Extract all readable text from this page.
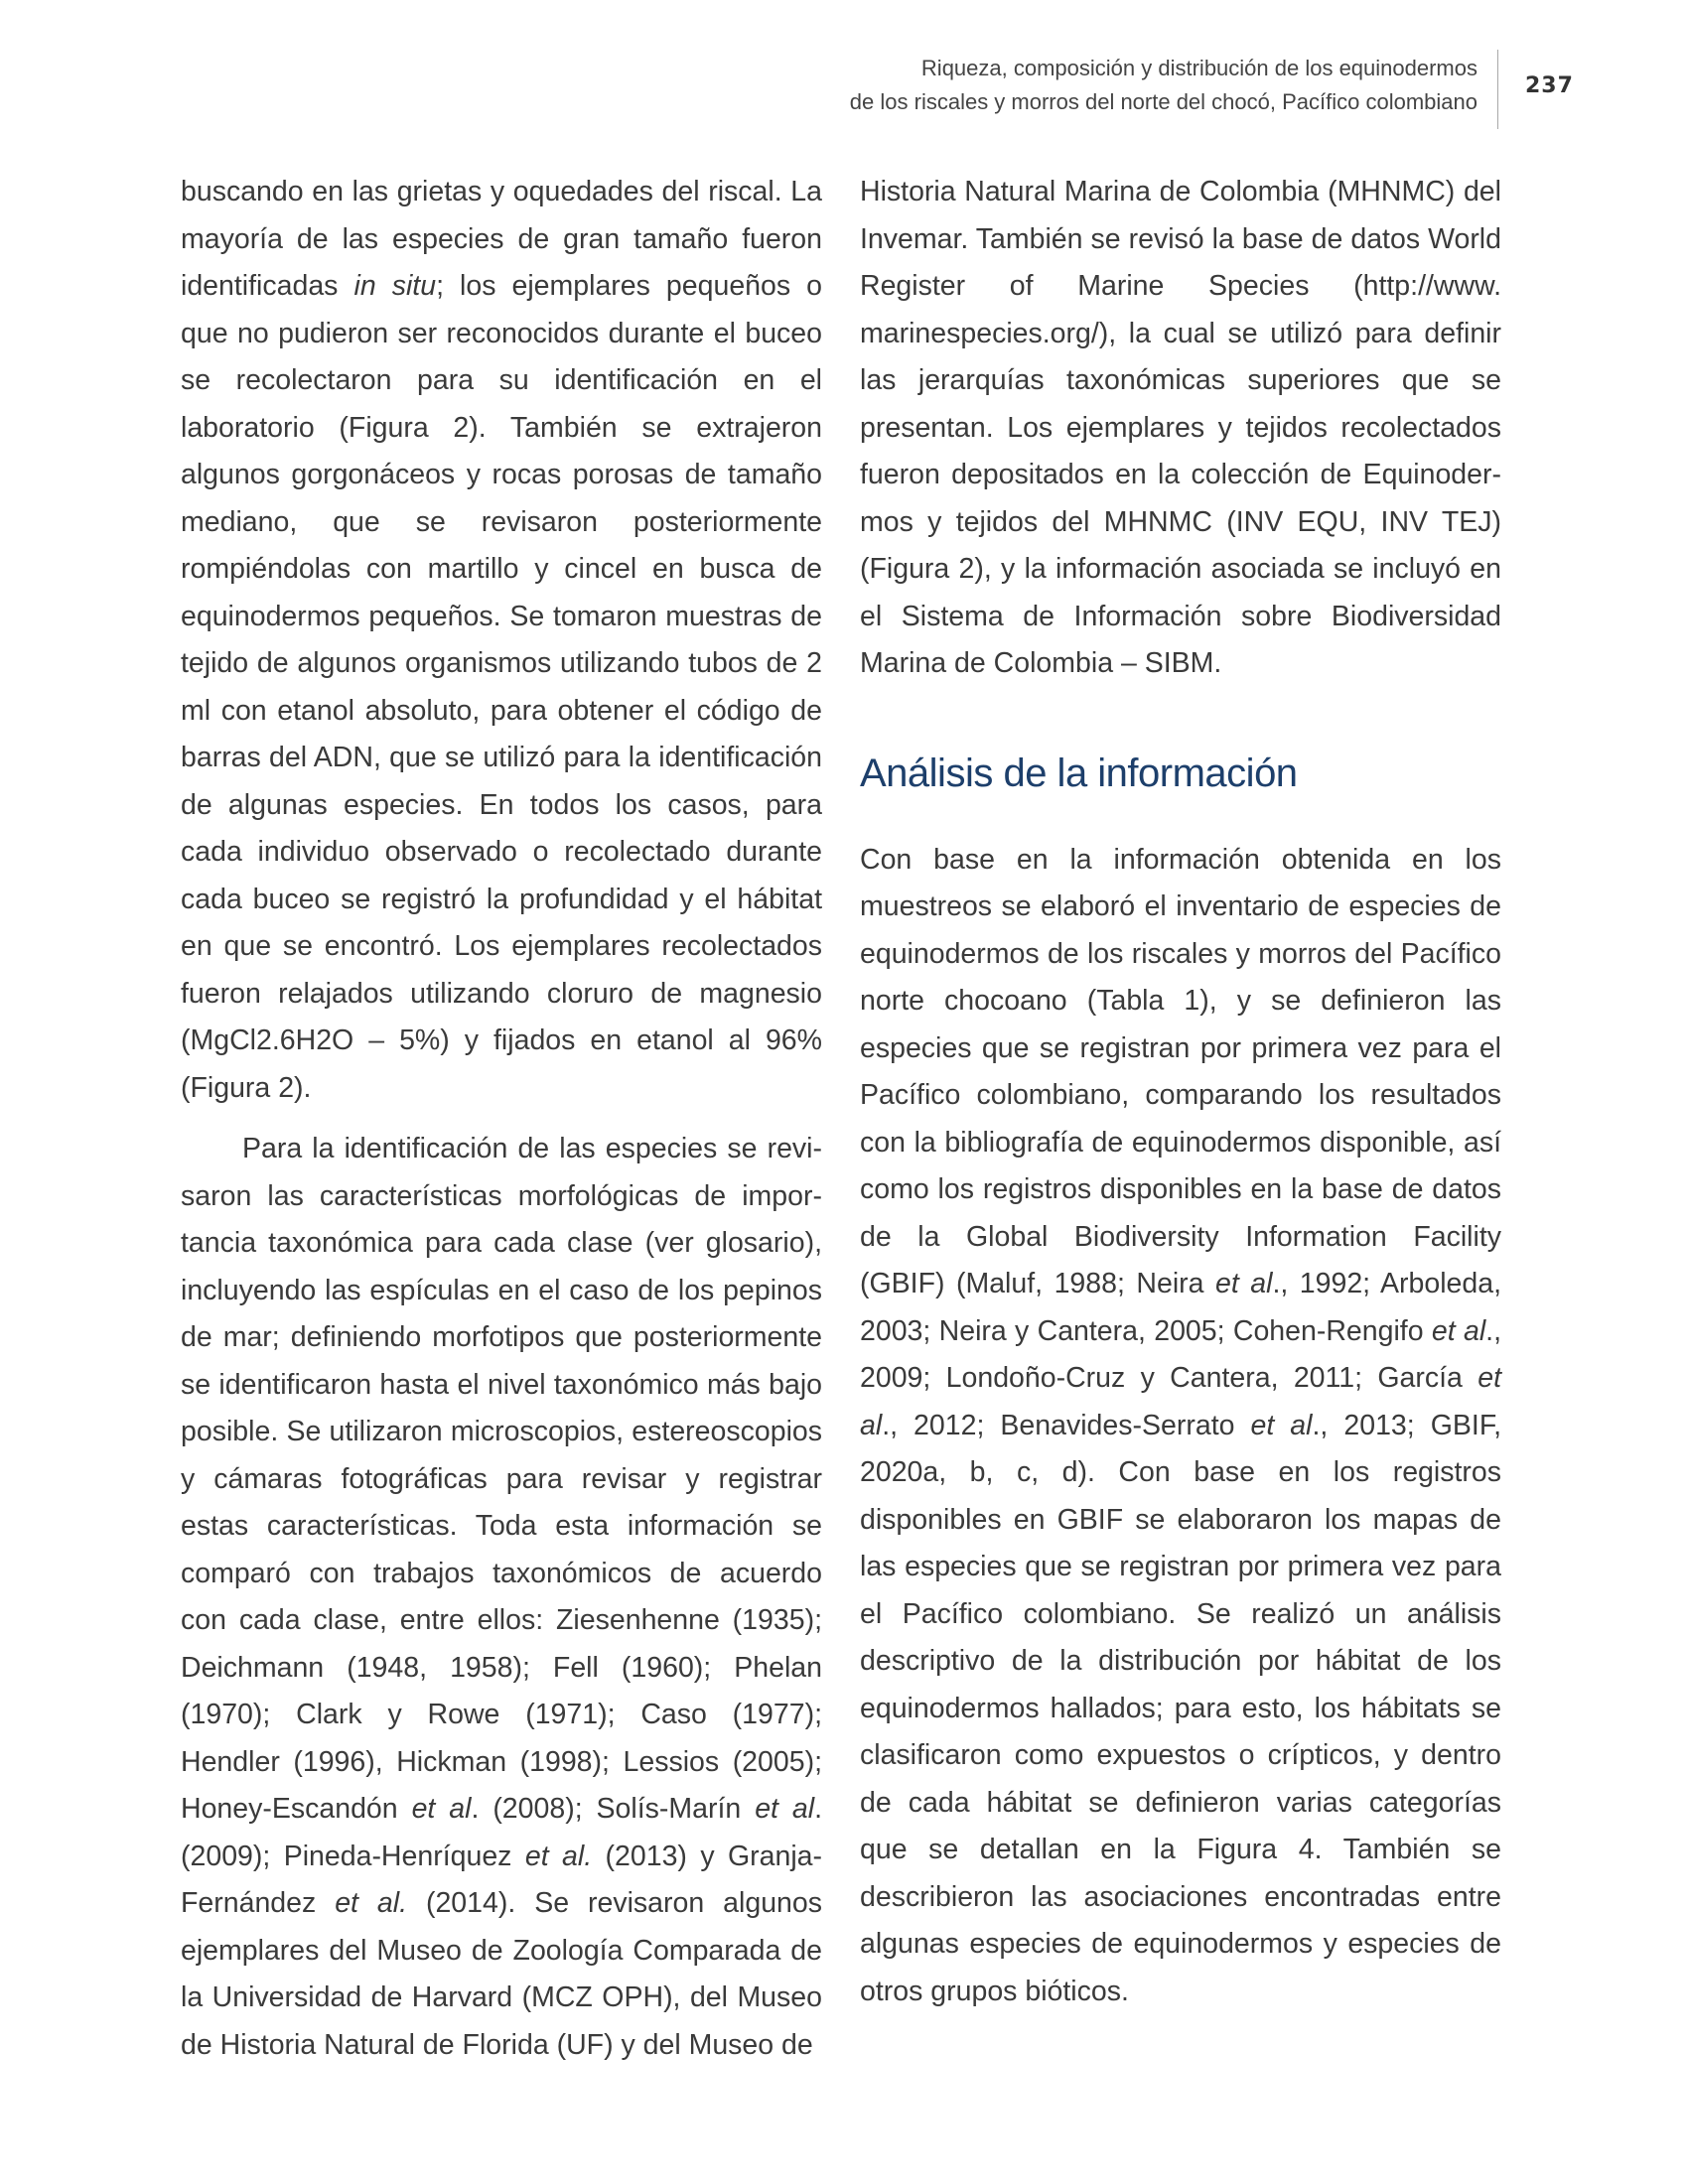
Riqueza, composición y distribución de los equinodermos
de los riscales y morros del norte del chocó, Pacífico colombiano
237

buscando en las grietas y oquedades del riscal. La mayoría de las especies de gran tamaño fueron identificadas in situ; los ejemplares pequeños o que no pudieron ser reconocidos durante el buceo se recolectaron para su identificación en el laboratorio (Figura 2). También se extrajeron algunos gorgonáceos y rocas porosas de tamaño mediano, que se revisaron posteriormente rompiéndolas con martillo y cincel en busca de equinodermos pequeños. Se tomaron muestras de tejido de algunos organismos utilizando tubos de 2 ml con etanol absoluto, para obtener el código de barras del ADN, que se utilizó para la identificación de algunas especies. En todos los casos, para cada individuo observado o recolectado durante cada buceo se registró la profundidad y el hábitat en que se encontró. Los ejemplares recolectados fueron relajados utilizando cloruro de magnesio (MgCl2.6H2O – 5%) y fijados en etanol al 96% (Figura 2).

Para la identificación de las especies se revisaron las características morfológicas de importancia taxonómica para cada clase (ver glosario), incluyendo las espículas en el caso de los pepinos de mar; definiendo morfotipos que posteriormente se identificaron hasta el nivel taxonómico más bajo posible. Se utilizaron microscopios, estereoscopios y cámaras fotográficas para revisar y registrar estas características. Toda esta información se comparó con trabajos taxonómicos de acuerdo con cada clase, entre ellos: Ziesenhenne (1935); Deichmann (1948, 1958); Fell (1960); Phelan (1970); Clark y Rowe (1971); Caso (1977); Hendler (1996), Hickman (1998); Lessios (2005); Honey-Escandón et al. (2008); Solís-Marín et al. (2009); Pineda-Henríquez et al. (2013) y Granja-Fernández et al. (2014). Se revisaron algunos ejemplares del Museo de Zoología Comparada de la Universidad de Harvard (MCZ OPH), del Museo de Historia Natural de Florida (UF) y del Museo de

Historia Natural Marina de Colombia (MHNMC) del Invemar. También se revisó la base de datos World Register of Marine Species (http://www.​marinespecies.org/), la cual se utilizó para definir las jerarquías taxonómicas superiores que se presentan. Los ejemplares y tejidos recolectados fueron depositados en la colección de Equinodermos y tejidos del MHNMC (INV EQU, INV TEJ) (Figura 2), y la información asociada se incluyó en el Sistema de Información sobre Biodiversidad Marina de Colombia – SIBM.

Análisis de la información

Con base en la información obtenida en los muestreos se elaboró el inventario de especies de equinodermos de los riscales y morros del Pacífico norte chocoano (Tabla 1), y se definieron las especies que se registran por primera vez para el Pacífico colombiano, comparando los resultados con la bibliografía de equinodermos disponible, así como los registros disponibles en la base de datos de la Global Biodiversity Information Facility (GBIF) (Maluf, 1988; Neira et al., 1992; Arboleda, 2003; Neira y Cantera, 2005; Cohen-Rengifo et al., 2009; Londoño-Cruz y Cantera, 2011; García et al., 2012; Benavides-Serrato et al., 2013; GBIF, 2020a, b, c, d). Con base en los registros disponibles en GBIF se elaboraron los mapas de las especies que se registran por primera vez para el Pacífico colombiano. Se realizó un análisis descriptivo de la distribución por hábitat de los equinodermos hallados; para esto, los hábitats se clasificaron como expuestos o crípticos, y dentro de cada hábitat se definieron varias categorías que se detallan en la Figura 4. También se describieron las asociaciones encontradas entre algunas especies de equinodermos y especies de otros grupos bióticos.
